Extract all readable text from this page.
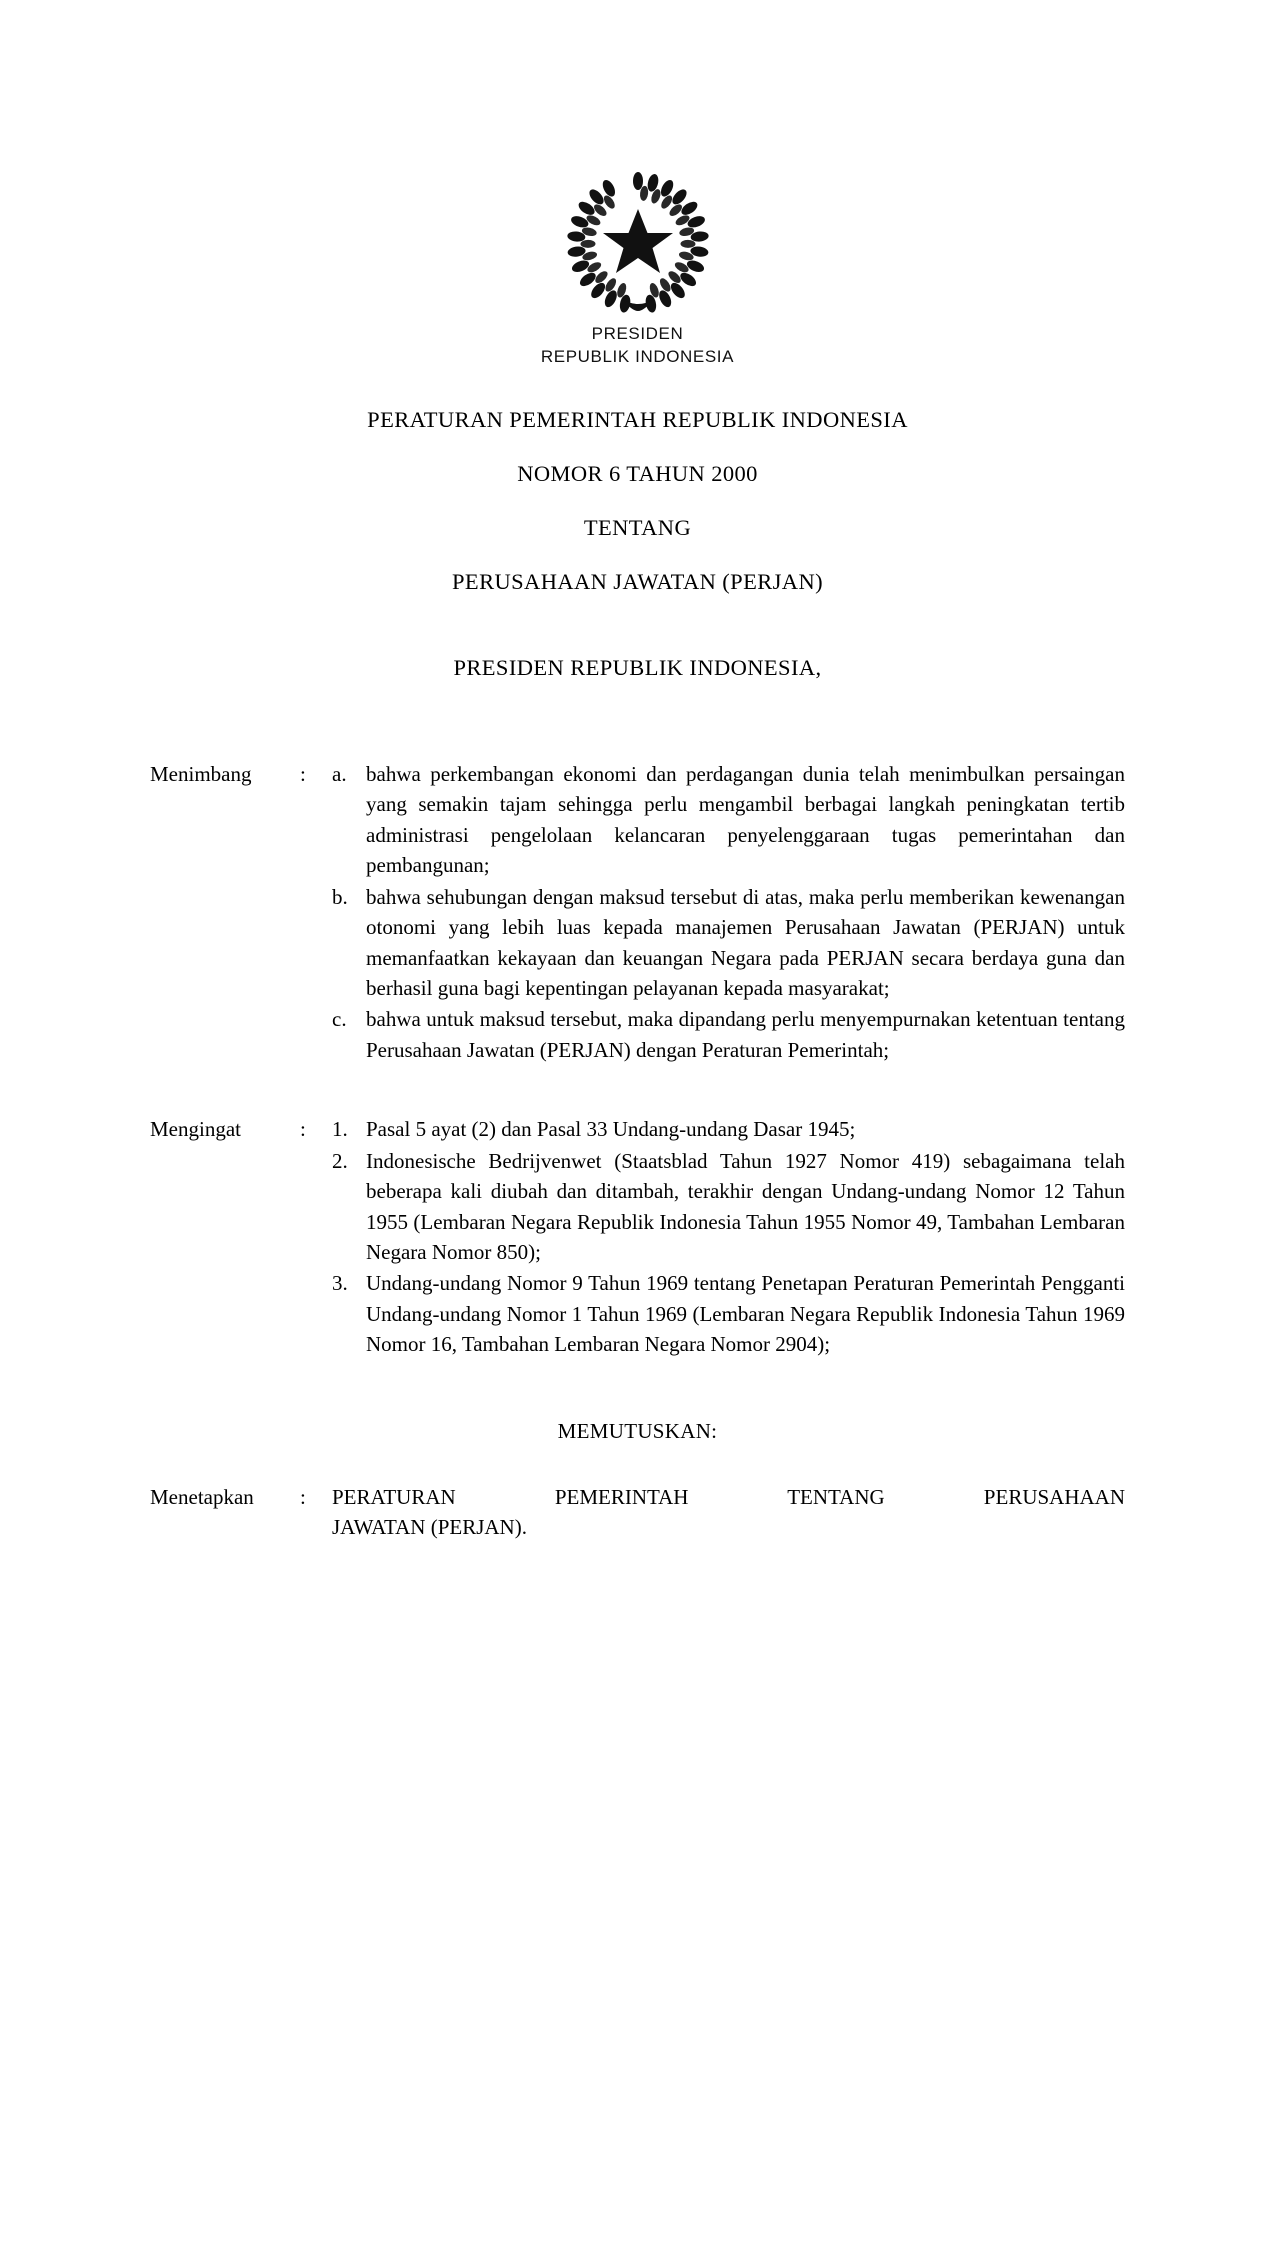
PRESIDEN
REPUBLIK INDONESIA
PERATURAN PEMERINTAH REPUBLIK INDONESIA
NOMOR 6 TAHUN 2000
TENTANG
PERUSAHAAN JAWATAN (PERJAN)
PRESIDEN REPUBLIK INDONESIA,
Menimbang	:	a. bahwa perkembangan ekonomi dan perdagangan dunia telah menimbulkan persaingan yang semakin tajam sehingga perlu mengambil berbagai langkah peningkatan tertib administrasi pengelolaan kelancaran penyelenggaraan tugas pemerintahan dan pembangunan;
b. bahwa sehubungan dengan maksud tersebut di atas, maka perlu memberikan kewenangan otonomi yang lebih luas kepada manajemen Perusahaan Jawatan (PERJAN) untuk memanfaatkan kekayaan dan keuangan Negara pada PERJAN secara berdaya guna dan berhasil guna bagi kepentingan pelayanan kepada masyarakat;
c. bahwa untuk maksud tersebut, maka dipandang perlu menyempurnakan ketentuan tentang Perusahaan Jawatan (PERJAN) dengan Peraturan Pemerintah;
Mengingat	:	1. Pasal 5 ayat (2) dan Pasal 33 Undang-undang Dasar 1945;
2. Indonesische Bedrijvenwet (Staatsblad Tahun 1927 Nomor 419) sebagaimana telah beberapa kali diubah dan ditambah, terakhir dengan Undang-undang Nomor 12 Tahun 1955 (Lembaran Negara Republik Indonesia Tahun 1955 Nomor 49, Tambahan Lembaran Negara Nomor 850);
3. Undang-undang Nomor 9 Tahun 1969 tentang Penetapan Peraturan Pemerintah Pengganti Undang-undang Nomor 1 Tahun 1969 (Lembaran Negara Republik Indonesia Tahun 1969 Nomor 16, Tambahan Lembaran Negara Nomor 2904);
MEMUTUSKAN:
Menetapkan	:	PERATURAN PEMERINTAH TENTANG PERUSAHAAN
JAWATAN (PERJAN).
